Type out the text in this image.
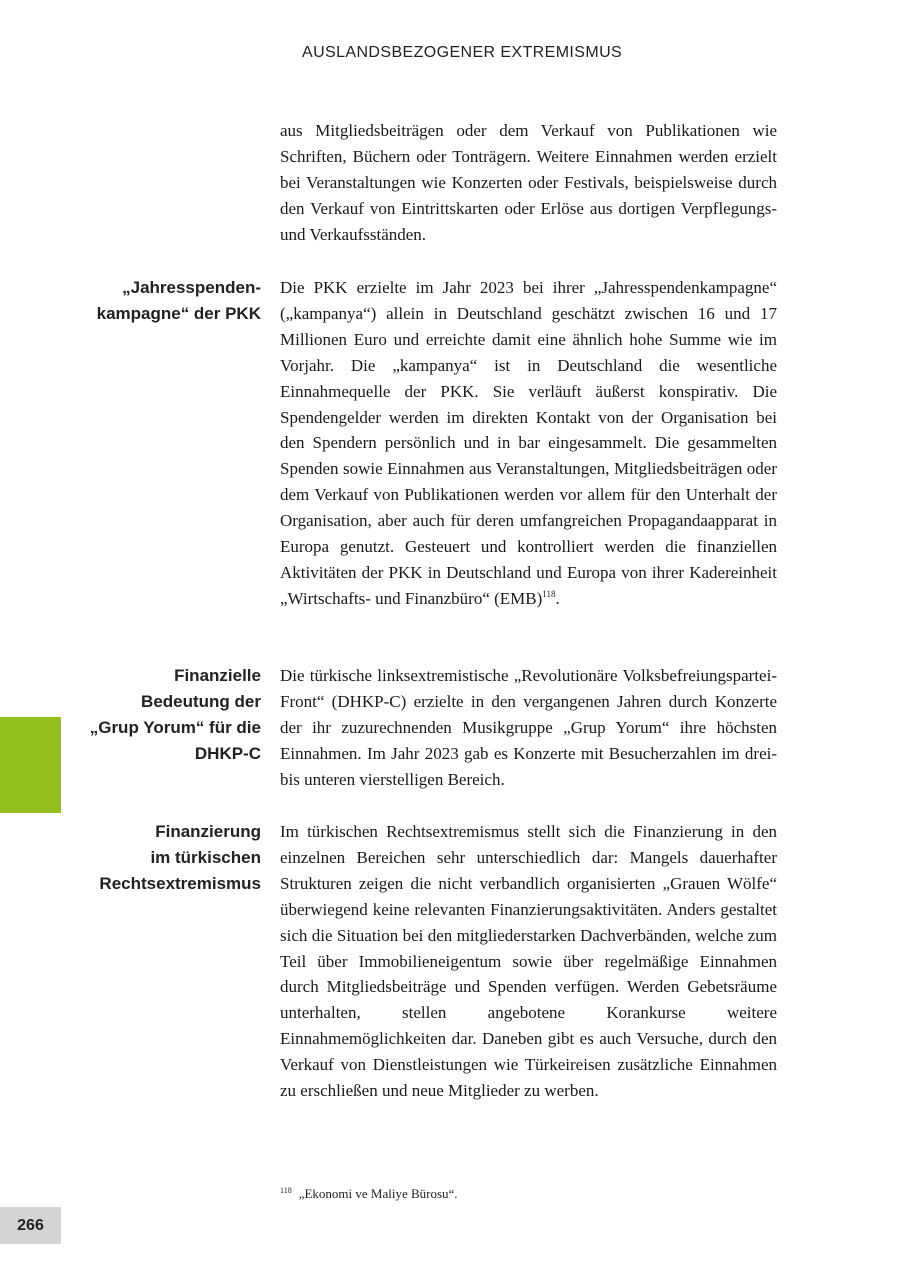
AUSLANDSBEZOGENER EXTREMISMUS
aus Mitgliedsbeiträgen oder dem Verkauf von Publikationen wie Schriften, Büchern oder Tonträgern. Weitere Einnahmen werden erzielt bei Veranstaltungen wie Konzerten oder Festivals, beispielsweise durch den Verkauf von Eintrittskarten oder Erlöse aus dortigen Verpflegungs- und Verkaufsständen.
„Jahresspenden-
kampagne“ der PKK
Die PKK erzielte im Jahr 2023 bei ihrer „Jahresspendenkampagne“ („kampanya“) allein in Deutschland geschätzt zwischen 16 und 17 Millionen Euro und erreichte damit eine ähnlich hohe Summe wie im Vorjahr. Die „kampanya“ ist in Deutschland die wesentliche Einnahmequelle der PKK. Sie verläuft äußerst konspirativ. Die Spendengelder werden im direkten Kontakt von der Organisation bei den Spendern persönlich und in bar eingesammelt. Die gesammelten Spenden sowie Einnahmen aus Veranstaltungen, Mitgliedsbeiträgen oder dem Verkauf von Publikationen werden vor allem für den Unterhalt der Organisation, aber auch für deren umfangreichen Propagandaapparat in Europa genutzt. Gesteuert und kontrolliert werden die finanziellen Aktivitäten der PKK in Deutschland und Europa von ihrer Kadereinheit „Wirtschafts- und Finanzbüro“ (EMB)$^{118}$.
Finanzielle
Bedeutung der
„Grup Yorum“ für die
DHKP-C
Die türkische linksextremistische „Revolutionäre Volksbefreiungspartei-Front“ (DHKP-C) erzielte in den vergangenen Jahren durch Konzerte der ihr zuzurechnenden Musikgruppe „Grup Yorum“ ihre höchsten Einnahmen. Im Jahr 2023 gab es Konzerte mit Besucherzahlen im drei- bis unteren vierstelligen Bereich.
Finanzierung
im türkischen
Rechtsextremismus
Im türkischen Rechtsextremismus stellt sich die Finanzierung in den einzelnen Bereichen sehr unterschiedlich dar: Mangels dauerhafter Strukturen zeigen die nicht verbandlich organisierten „Grauen Wölfe“ überwiegend keine relevanten Finanzierungsaktivitäten. Anders gestaltet sich die Situation bei den mitgliederstarken Dachverbänden, welche zum Teil über Immobilieneigentum sowie über regelmäßige Einnahmen durch Mitgliedsbeiträge und Spenden verfügen. Werden Gebetsräume unterhalten, stellen angebotene Korankurse weitere Einnahmemöglichkeiten dar. Daneben gibt es auch Versuche, durch den Verkauf von Dienstleistungen wie Türkeireisen zusätzliche Einnahmen zu erschließen und neue Mitglieder zu werben.
$^{118}$ „Ekonomi ve Maliye Bürosu“.
266
